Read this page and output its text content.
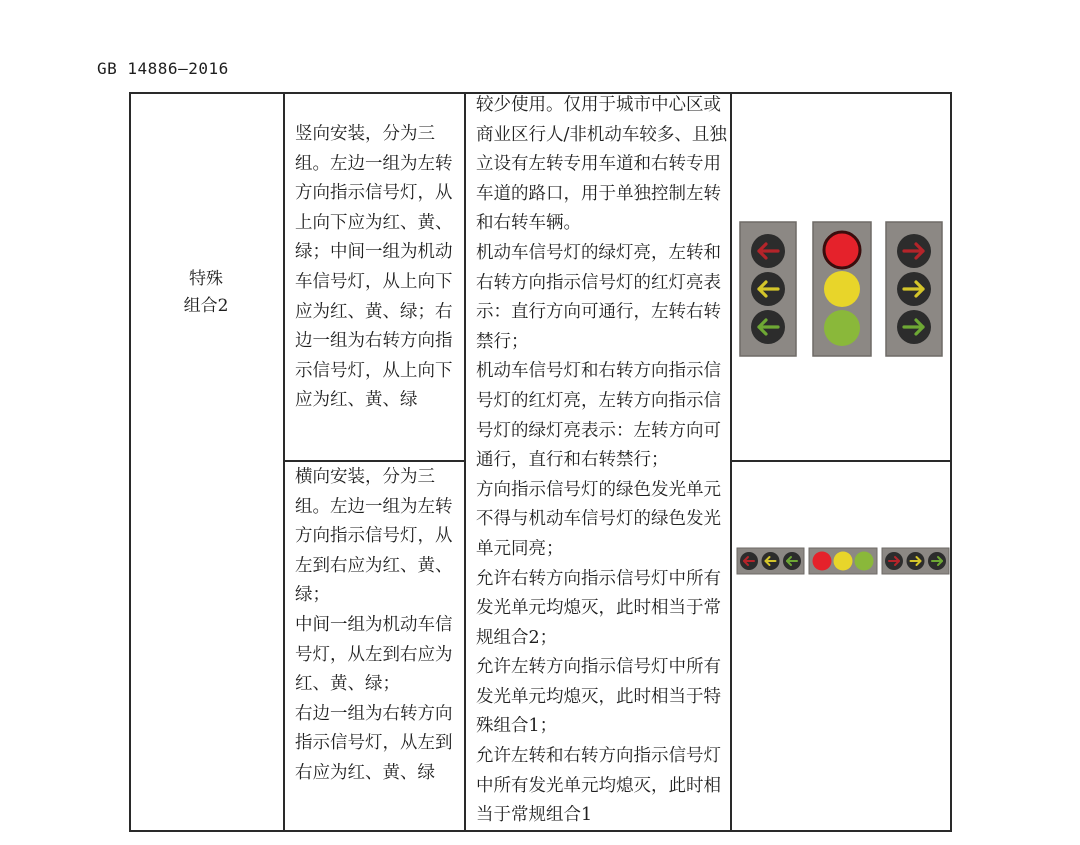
GB 14886—2016

特殊

组合2

竖向安装，分为三组。左边一组为左转方向指示信号灯，从上向下应为红、黄、绿；中间一组为机动车信号灯，从上向下应为红、黄、绿；右边一组为右转方向指示信号灯，从上向下应为红、黄、绿

横向安装，分为三组。左边一组为左转方向指示信号灯，从左到右应为红、黄、绿；

中间一组为机动车信号灯，从左到右应为红、黄、绿；

右边一组为右转方向指示信号灯，从左到右应为红、黄、绿

较少使用。仅用于城市中心区或商业区行人/非机动车较多、且独立设有左转专用车道和右转专用车道的路口，用于单独控制左转和右转车辆。

机动车信号灯的绿灯亮，左转和右转方向指示信号灯的红灯亮表示：直行方向可通行，左转右转禁行；

机动车信号灯和右转方向指示信号灯的红灯亮，左转方向指示信号灯的绿灯亮表示：左转方向可通行，直行和右转禁行；

方向指示信号灯的绿色发光单元不得与机动车信号灯的绿色发光单元同亮；

允许右转方向指示信号灯中所有发光单元均熄灭，此时相当于常规组合2；

允许左转方向指示信号灯中所有发光单元均熄灭，此时相当于特殊组合1；

允许左转和右转方向指示信号灯中所有发光单元均熄灭，此时相当于常规组合1
